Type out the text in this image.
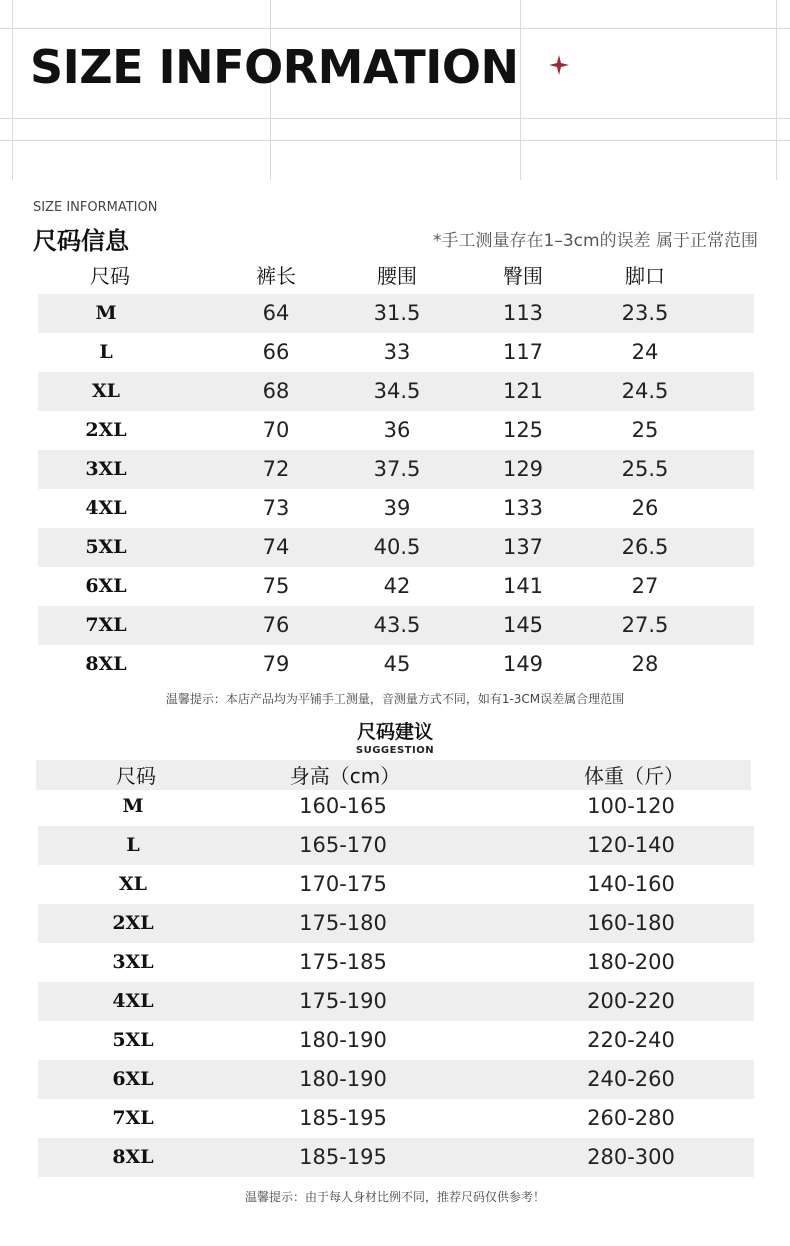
SIZE INFORMATION
SIZE INFORMATION
尺码信息	*手工测量存在1–3cm的误差 属于正常范围
尺码	裤长	腰围	臀围	脚口
M	64	31.5	113	23.5
L	66	33	117	24
XL	68	34.5	121	24.5
2XL	70	36	125	25
3XL	72	37.5	129	25.5
4XL	73	39	133	26
5XL	74	40.5	137	26.5
6XL	75	42	141	27
7XL	76	43.5	145	27.5
8XL	79	45	149	28
温馨提示：本店产品均为平铺手工测量，音测量方式不同，如有1-3CM误差属合理范围
尺码建议
SUGGESTION
尺码	身高（cm）	体重（斤）
M	160-165	100-120
L	165-170	120-140
XL	170-175	140-160
2XL	175-180	160-180
3XL	175-185	180-200
4XL	175-190	200-220
5XL	180-190	220-240
6XL	180-190	240-260
7XL	185-195	260-280
8XL	185-195	280-300
温馨提示：由于每人身材比例不同，推荐尺码仅供参考！
